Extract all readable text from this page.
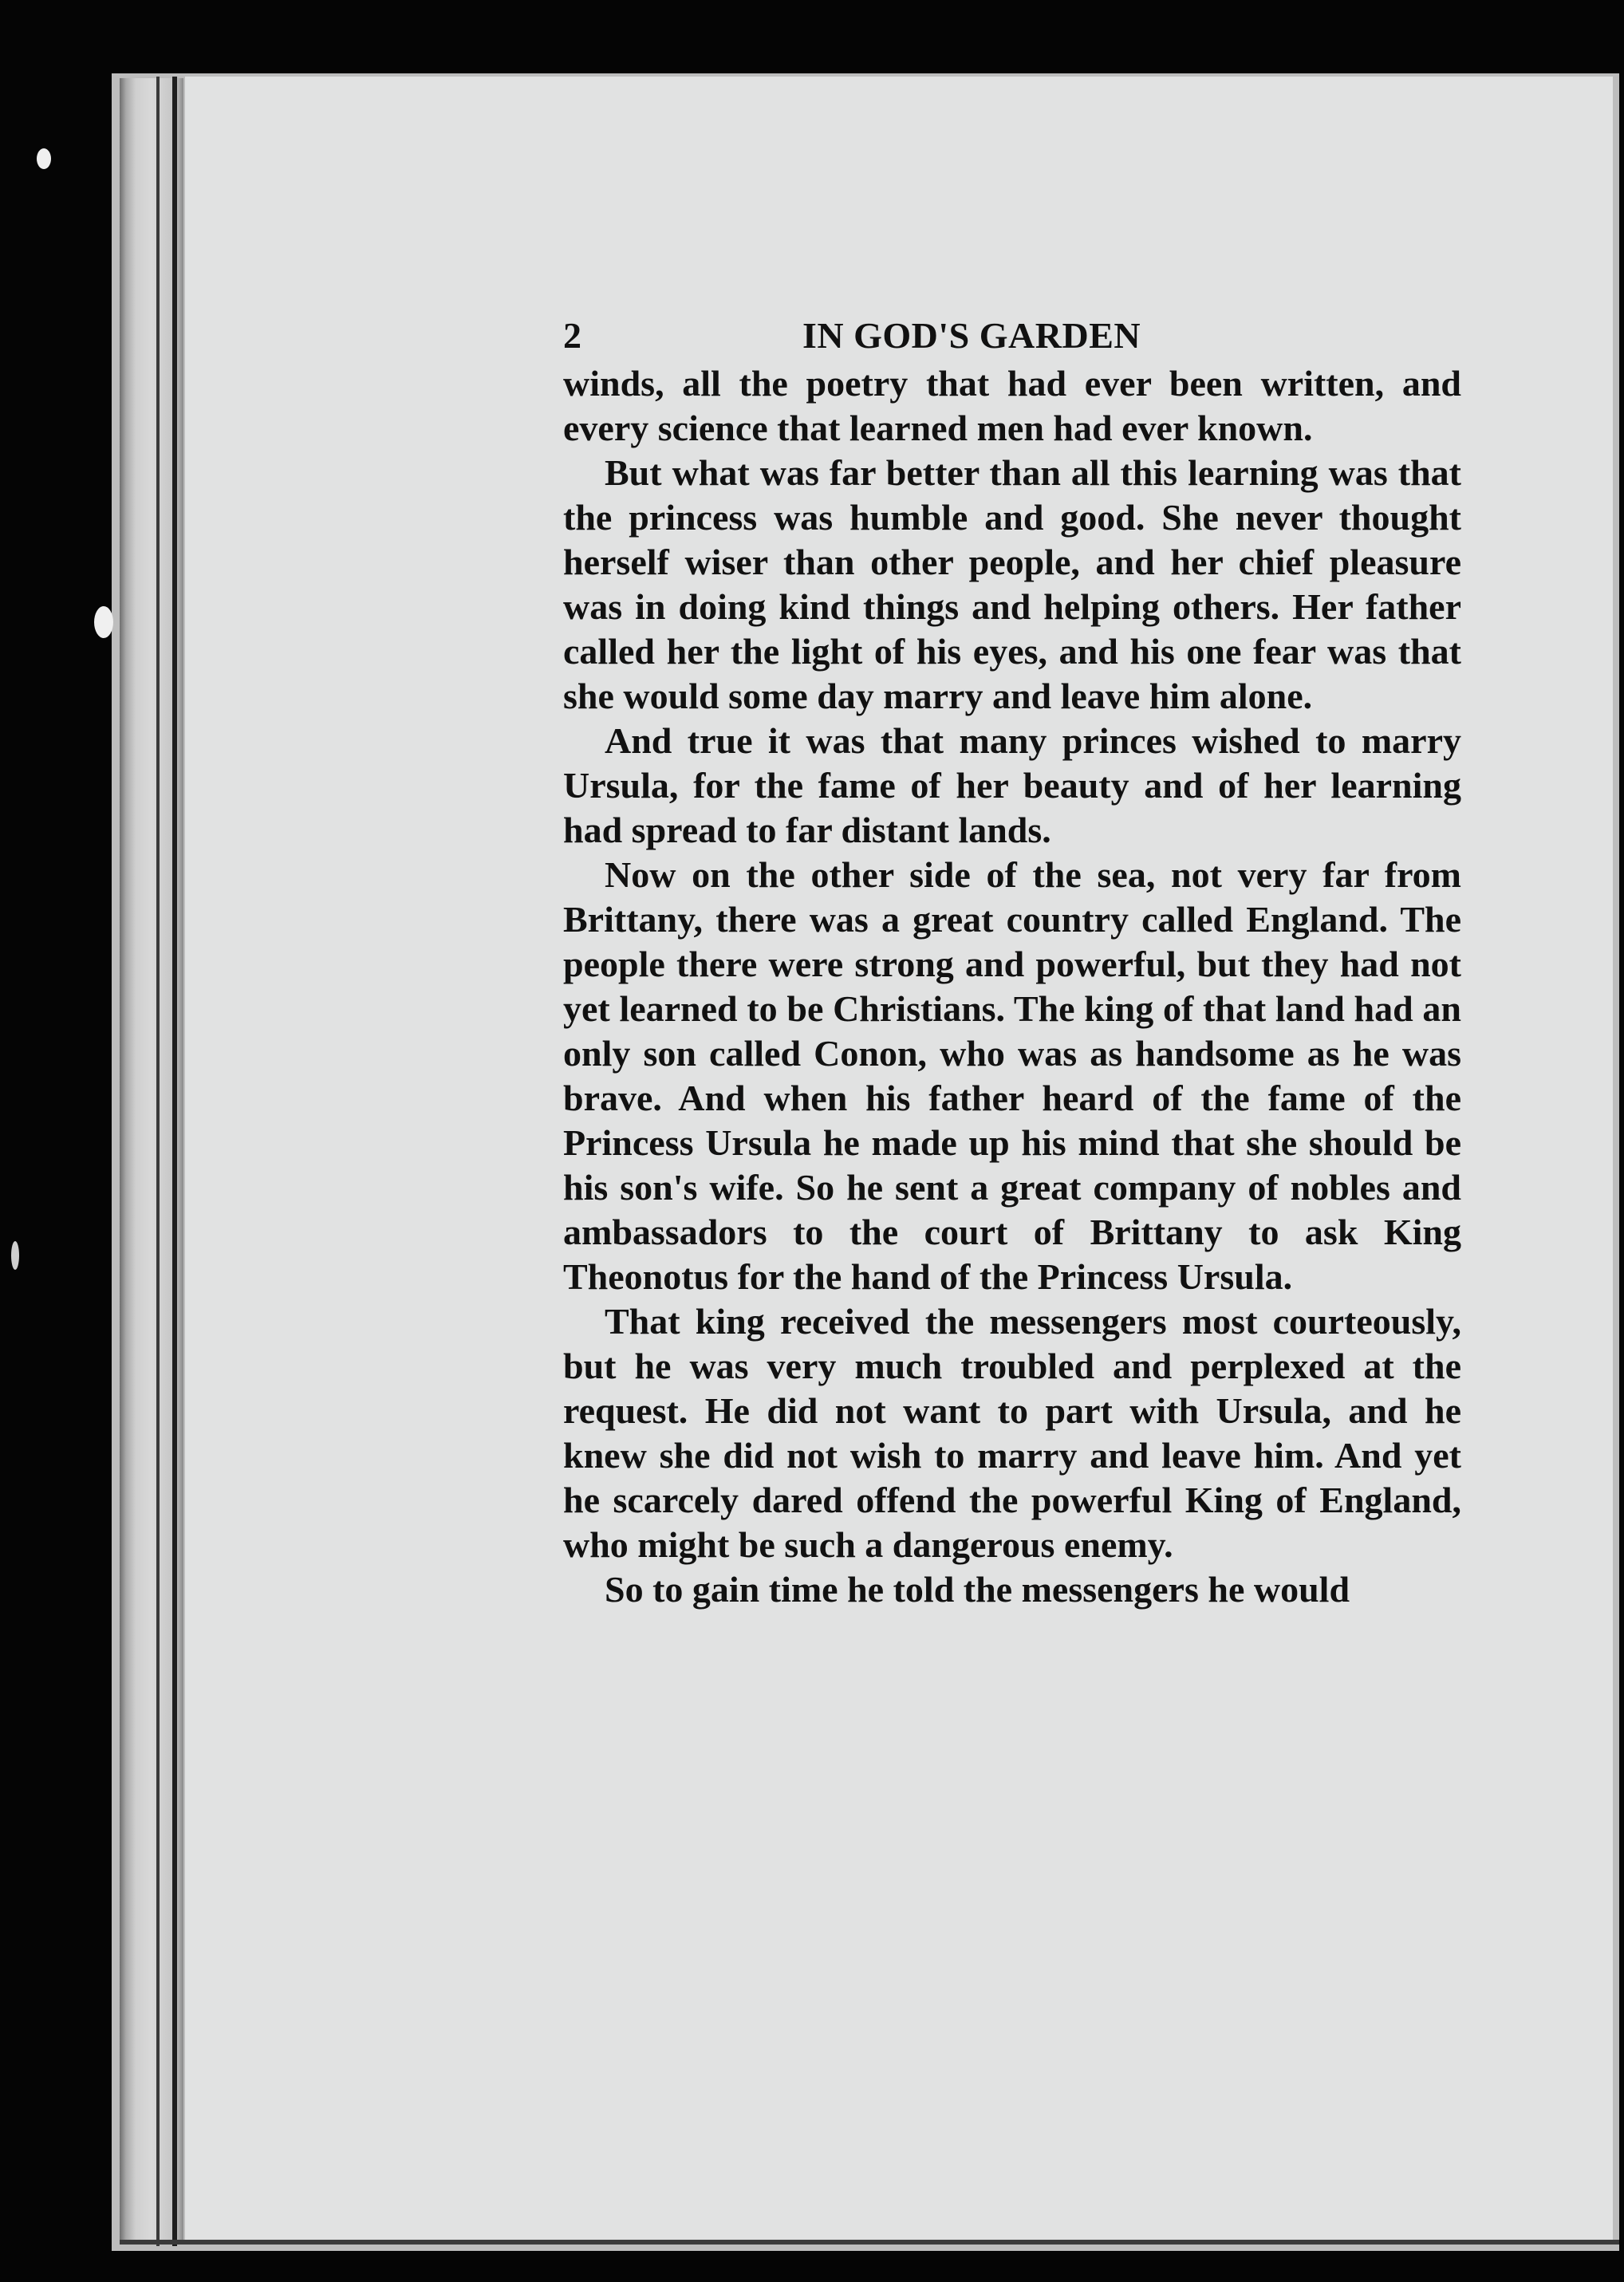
2	IN GOD'S GARDEN

winds, all the poetry that had ever been written, and every science that learned men had ever known.

But what was far better than all this learning was that the princess was humble and good. She never thought herself wiser than other people, and her chief pleasure was in doing kind things and helping others. Her father called her the light of his eyes, and his one fear was that she would some day marry and leave him alone.

And true it was that many princes wished to marry Ursula, for the fame of her beauty and of her learning had spread to far distant lands.

Now on the other side of the sea, not very far from Brittany, there was a great country called England. The people there were strong and powerful, but they had not yet learned to be Christians. The king of that land had an only son called Conon, who was as handsome as he was brave. And when his father heard of the fame of the Princess Ursula he made up his mind that she should be his son's wife. So he sent a great company of nobles and ambassadors to the court of Brittany to ask King Theonotus for the hand of the Princess Ursula.

That king received the messengers most courteously, but he was very much troubled and perplexed at the request. He did not want to part with Ursula, and he knew she did not wish to marry and leave him. And yet he scarcely dared offend the powerful King of England, who might be such a dangerous enemy.

So to gain time he told the messengers he would
